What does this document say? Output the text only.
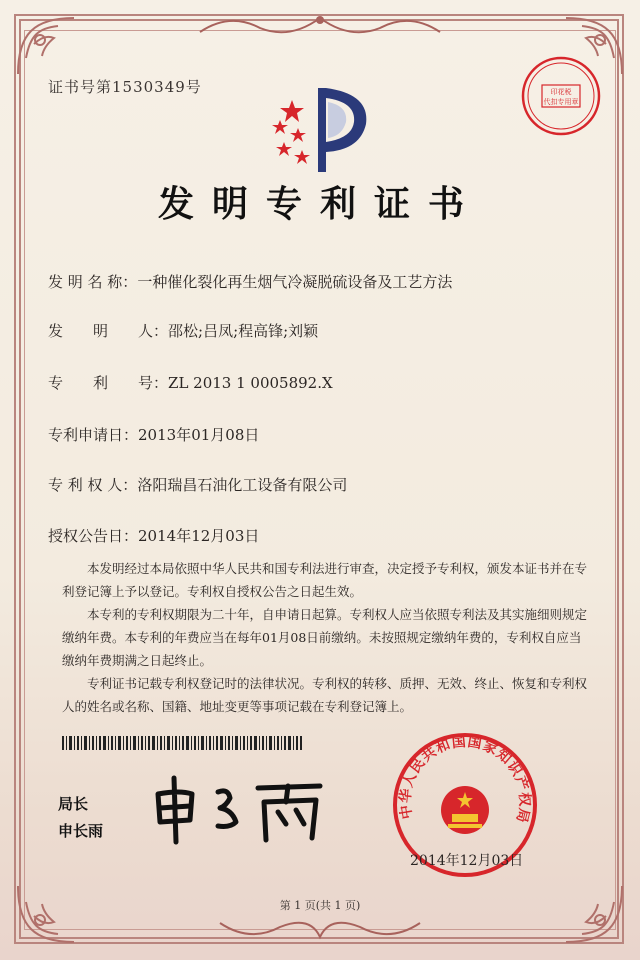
证书号第1530349号	印花税
代扣专用章
发明专利证书
发 明 名 称：一种催化裂化再生烟气冷凝脱硫设备及工艺方法
发　　明　　人：邵松;吕凤;程高锋;刘颖
专　　利　　号：ZL 2013 1 0005892.X
专利申请日：2013年01月08日
专 利 权 人：洛阳瑞昌石油化工设备有限公司
授权公告日：2014年12月03日

本发明经过本局依照中华人民共和国专利法进行审查，决定授予专利权，颁发本证书并在专利登记簿上予以登记。专利权自授权公告之日起生效。

本专利的专利权期限为二十年，自申请日起算。专利权人应当依照专利法及其实施细则规定缴纳年费。本专利的年费应当在每年01月08日前缴纳。未按照规定缴纳年费的，专利权自应当缴纳年费期满之日起终止。

专利证书记载专利权登记时的法律状况。专利权的转移、质押、无效、终止、恢复和专利权人的姓名或名称、国籍、地址变更等事项记载在专利登记簿上。

局长
申长雨
中华人民共和国国家知识产权局
2014年12月03日
第 1 页(共 1 页)
